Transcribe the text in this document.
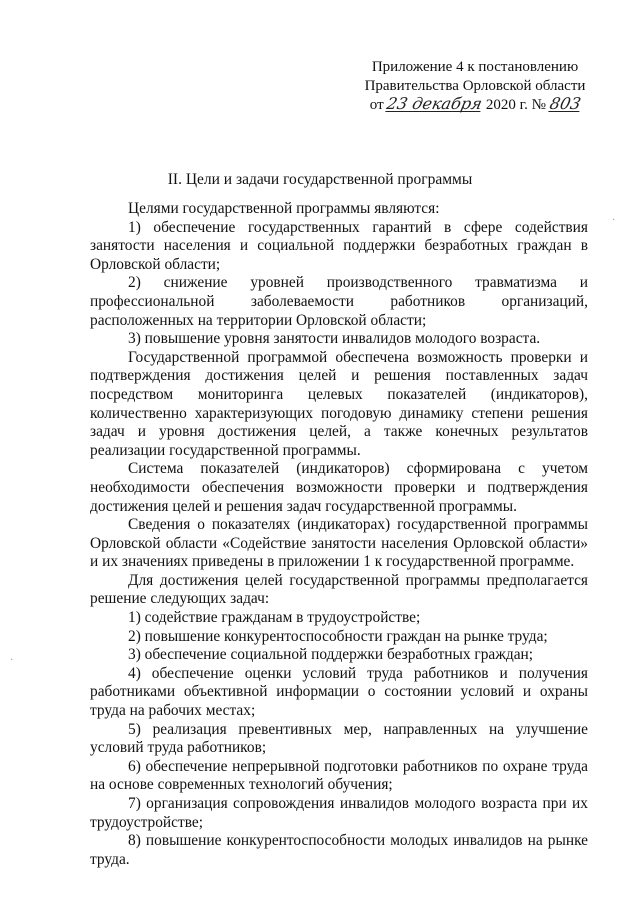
Приложение 4 к постановлению
Правительства Орловской области
от 23 декабря 2020 г. № 803
II. Цели и задачи государственной программы

Целями государственной программы являются:

1) обеспечение государственных гарантий в сфере содействия занятости населения и социальной поддержки безработных граждан в Орловской области;

2) снижение уровней производственного травматизма и профессиональной заболеваемости работников организаций, расположенных на территории Орловской области;

3) повышение уровня занятости инвалидов молодого возраста.

Государственной программой обеспечена возможность проверки и подтверждения достижения целей и решения поставленных задач посредством мониторинга целевых показателей (индикаторов), количественно характеризующих погодовую динамику степени решения задач и уровня достижения целей, а также конечных результатов реализации государственной программы.

Система показателей (индикаторов) сформирована с учетом необходимости обеспечения возможности проверки и подтверждения достижения целей и решения задач государственной программы.

Сведения о показателях (индикаторах) государственной программы Орловской области «Содействие занятости населения Орловской области» и их значениях приведены в приложении 1 к государственной программе.

Для достижения целей государственной программы предполагается решение следующих задач:

1) содействие гражданам в трудоустройстве;

2) повышение конкурентоспособности граждан на рынке труда;

3) обеспечение социальной поддержки безработных граждан;

4) обеспечение оценки условий труда работников и получения работниками объективной информации о состоянии условий и охраны труда на рабочих местах;

5) реализация превентивных мер, направленных на улучшение условий труда работников;

6) обеспечение непрерывной подготовки работников по охране труда на основе современных технологий обучения;

7) организация сопровождения инвалидов молодого возраста при их трудоустройстве;

8) повышение конкурентоспособности молодых инвалидов на рынке труда.

·
·
